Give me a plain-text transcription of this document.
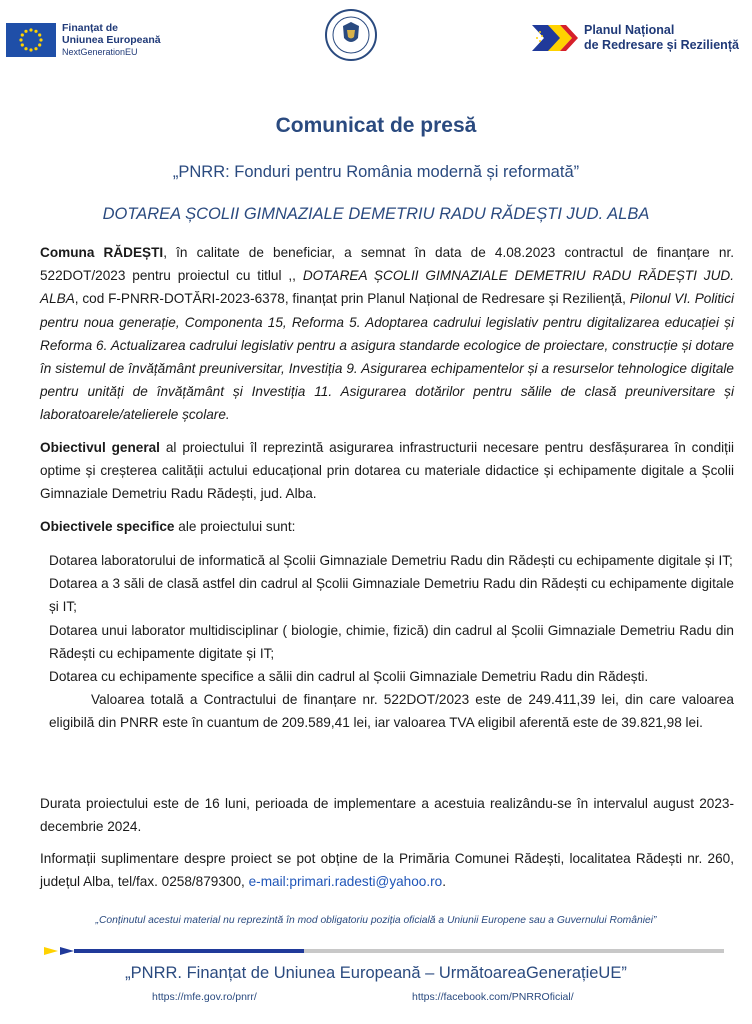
Finanțat de
Uniunea Europeană
NextGenerationEU
Planul Național
de Redresare și Reziliență
Comunicat de presă
„PNRR: Fonduri pentru România modernă și reformată”
DOTAREA ȘCOLII GIMNAZIALE DEMETRIU RADU RĂDEȘTI JUD. ALBA
Comuna RĂDEȘTI, în calitate de beneficiar, a semnat în data de 4.08.2023 contractul de finanțare nr. 522DOT/2023 pentru proiectul cu titlul ,, DOTAREA ȘCOLII GIMNAZIALE DEMETRIU RADU RĂDEȘTI JUD. ALBA, cod F-PNRR-DOTĂRI-2023-6378, finanțat prin Planul Național de Redresare și Reziliență, Pilonul VI. Politici pentru noua generație, Componenta 15, Reforma 5. Adoptarea cadrului legislativ pentru digitalizarea educației și Reforma 6. Actualizarea cadrului legislativ pentru a asigura standarde ecologice de proiectare, construcție și dotare în sistemul de învățământ preuniversitar, Investiția 9. Asigurarea echipamentelor și a resurselor tehnologice digitale pentru unități de învățământ și Investiția 11. Asigurarea dotărilor pentru sălile de clasă preuniversitare și laboratoarele/atelierele școlare.
Obiectivul general al proiectului îl reprezintă asigurarea infrastructurii necesare pentru desfășurarea în condiții optime și creșterea calității actului educațional prin dotarea cu materiale didactice și echipamente digitale a Școlii Gimnaziale Demetriu Radu Rădești, jud. Alba.
Obiectivele specifice ale proiectului sunt:
Dotarea laboratorului de informatică al Școlii Gimnaziale Demetriu Radu din Rădești cu echipamente digitale și IT;
Dotarea a 3 săli de clasă astfel din cadrul al Școlii Gimnaziale Demetriu Radu din Rădești cu echipamente digitale și IT;
Dotarea unui laborator multidisciplinar ( biologie, chimie, fizică) din cadrul al Școlii Gimnaziale Demetriu Radu din Rădești cu echipamente digitate și IT;
Dotarea cu echipamente specifice a sălii din cadrul al Școlii Gimnaziale Demetriu Radu din Rădești.
Valoarea totală a Contractului de finanțare nr. 522DOT/2023 este de 249.411,39 lei, din care valoarea eligibilă din PNRR este în cuantum de 209.589,41 lei, iar valoarea TVA eligibil aferentă este de 39.821,98 lei.
Durata proiectului este de 16 luni, perioada de implementare a acestuia realizându-se în intervalul august 2023- decembrie 2024.
Informații suplimentare despre proiect se pot obține de la Primăria Comunei Rădești, localitatea Rădești nr. 260, județul Alba, tel/fax. 0258/879300, e-mail:primari.radesti@yahoo.ro.
„Conținutul acestui material nu reprezintă în mod obligatoriu poziția oficială a Uniunii Europene sau a Guvernului României”
„PNRR. Finanțat de Uniunea Europeană – UrmătoareaGenerațieUE”
https://mfe.gov.ro/pnrr/	https://facebook.com/PNRROficial/
